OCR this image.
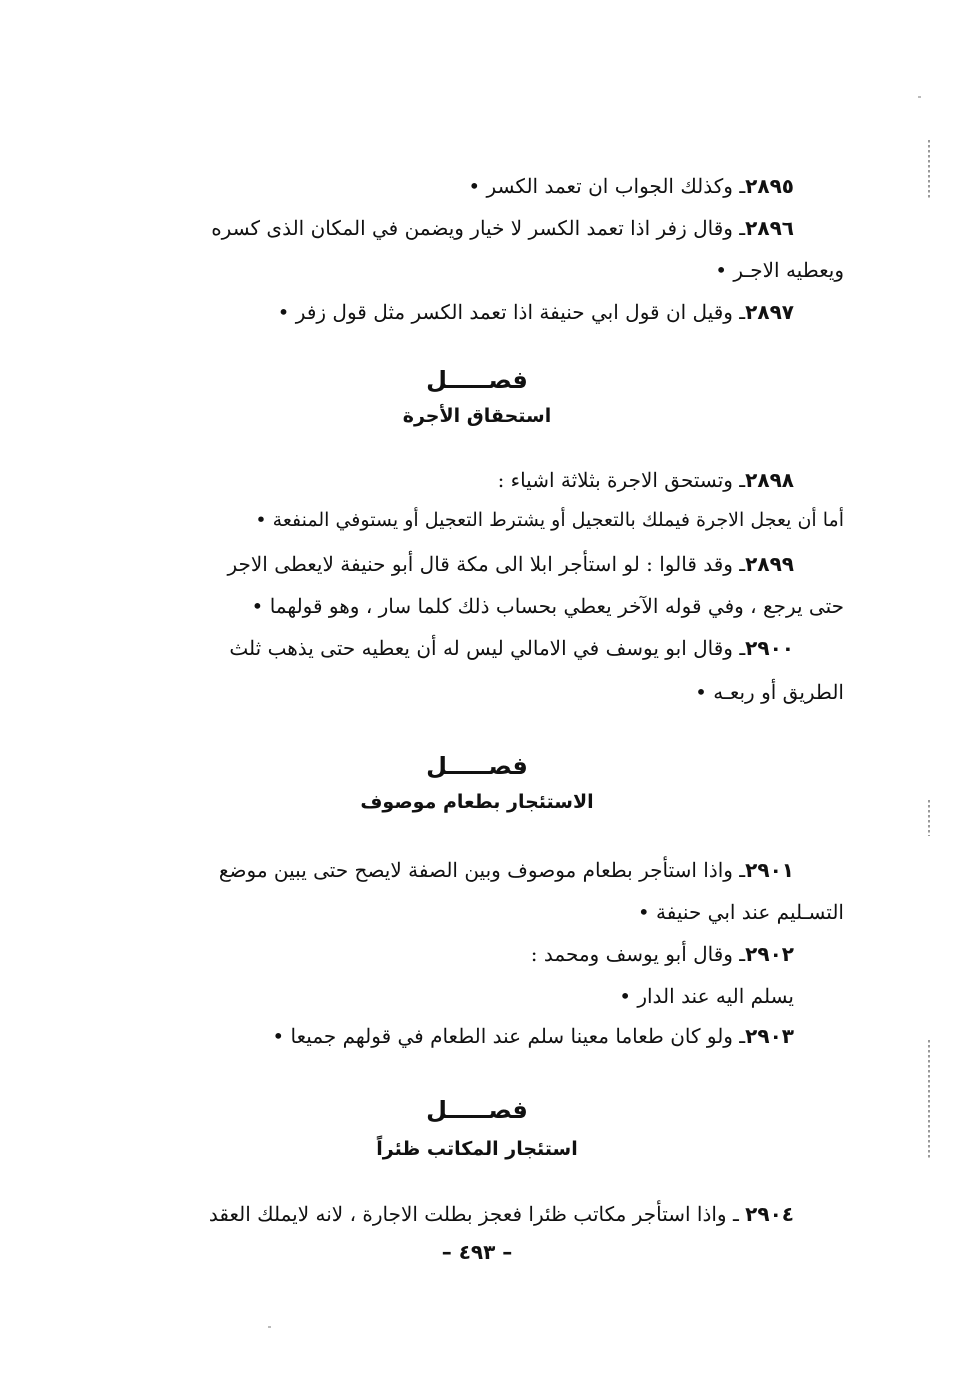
٢٨٩٥ـ وكذلك الجواب ان تعمد الكسر •
٢٨٩٦ـ وقال زفر اذا تعمد الكسر لا خيار ويضمن في المكان الذى كسره
ويعطيه الاجـر •
٢٨٩٧ـ وقيل ان قول ابي حنيفة اذا تعمد الكسر مثل قول زفر •
فصـــــل
استحقاق الأجرة
٢٨٩٨ـ وتستحق الاجرة بثلاثة اشياء :
أما أن يعجل الاجرة فيملك بالتعجيل أو يشترط التعجيل أو يستوفي المنفعة •
٢٨٩٩ـ وقد قالوا : لو استأجر ابلا الى مكة قال أبو حنيفة لايعطى الاجر
حتى يرجع ، وفي قوله الآخر يعطي بحساب ذلك كلما سار ، وهو قولهما •
٢٩٠٠ـ وقال ابو يوسف في الامالي ليس له أن يعطيه حتى يذهب ثلث
الطريق أو ربعـه •
فصـــــل
الاستئجار بطعام موصوف
٢٩٠١ـ واذا استأجر بطعام موصوف وبين الصفة لايصح حتى يبين موضع
التسـليم عند ابي حنيفة •
٢٩٠٢ـ وقال أبو يوسف ومحمد :
يسلم اليه عند الدار •
٢٩٠٣ـ ولو كان طعاما معينا سلم عند الطعام في قولهم جميعا •
فصـــــل
استئجار المكاتب ظئراً
٢٩٠٤ ـ واذا استأجر مكاتب ظئرا فعجز بطلت الاجارة ، لانه لايملك العقد
– ٤٩٣ –
